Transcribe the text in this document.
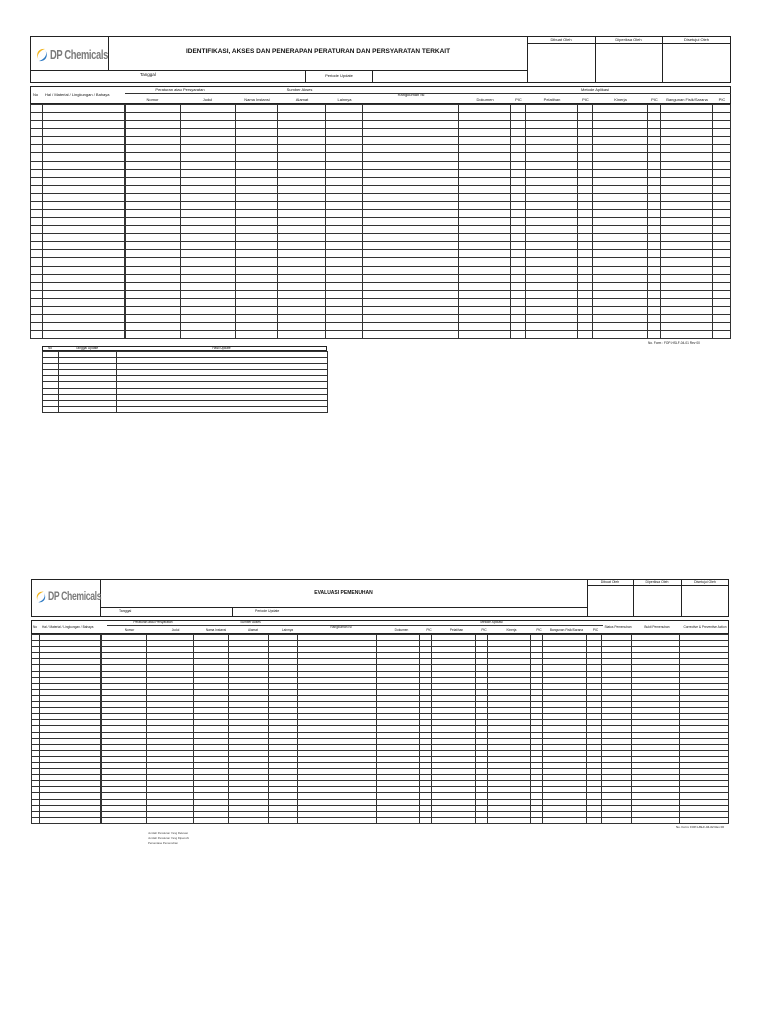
DP Chemicals	IDENTIFIKASI, AKSES DAN PENERAPAN PERATURAN DAN PERSYARATAN TERKAIT
Dibuat Oleh	Diperiksa Oleh	Disetujui Oleh
Tanggal	Periode Update
No Hal / Material / Lingkungan / Bahaya
Peraturan atau Persyaratan	Sumber Akses
Rangkuman Isi
Metode Aplikasi
Nomor	Judul	Nama Instansi	Alamat	Lainnya	Dokumen	PIC	Pelatihan	PIC	Kinerja	PIC	Bangunan Fisik/Sarana	PIC

No. Form : FOP-HSLF-04-01 Rev 00
No	Tanggal Update	Hasil Update

DP Chemicals	EVALUASI PEMENUHAN
Dibuat Oleh	Diperiksa Oleh	Disetujui Oleh
Tanggal	Periode Update
No Hal / Material / Lingkungan / Bahaya
Peraturan atau Persyaratan	Sumber Akses
Rangkuman Isi
Metode Aplikasi
Status Pemenuhan	Bukti Pemenuhan	Corrective & Preventive Action
Nomor	Judul	Nama Instansi	Alamat	Lainnya	Dokumen	PIC	Pelatihan	PIC	Kinerja	PIC	Bangunan Fisik/Sarana	PIC

No. Form: FOP-HSLF-04-02 Rev 00
Jumlah Peraturan Yang Relevan
Jumlah Peraturan Yang Dipenuhi
Persentase Pemenuhan
